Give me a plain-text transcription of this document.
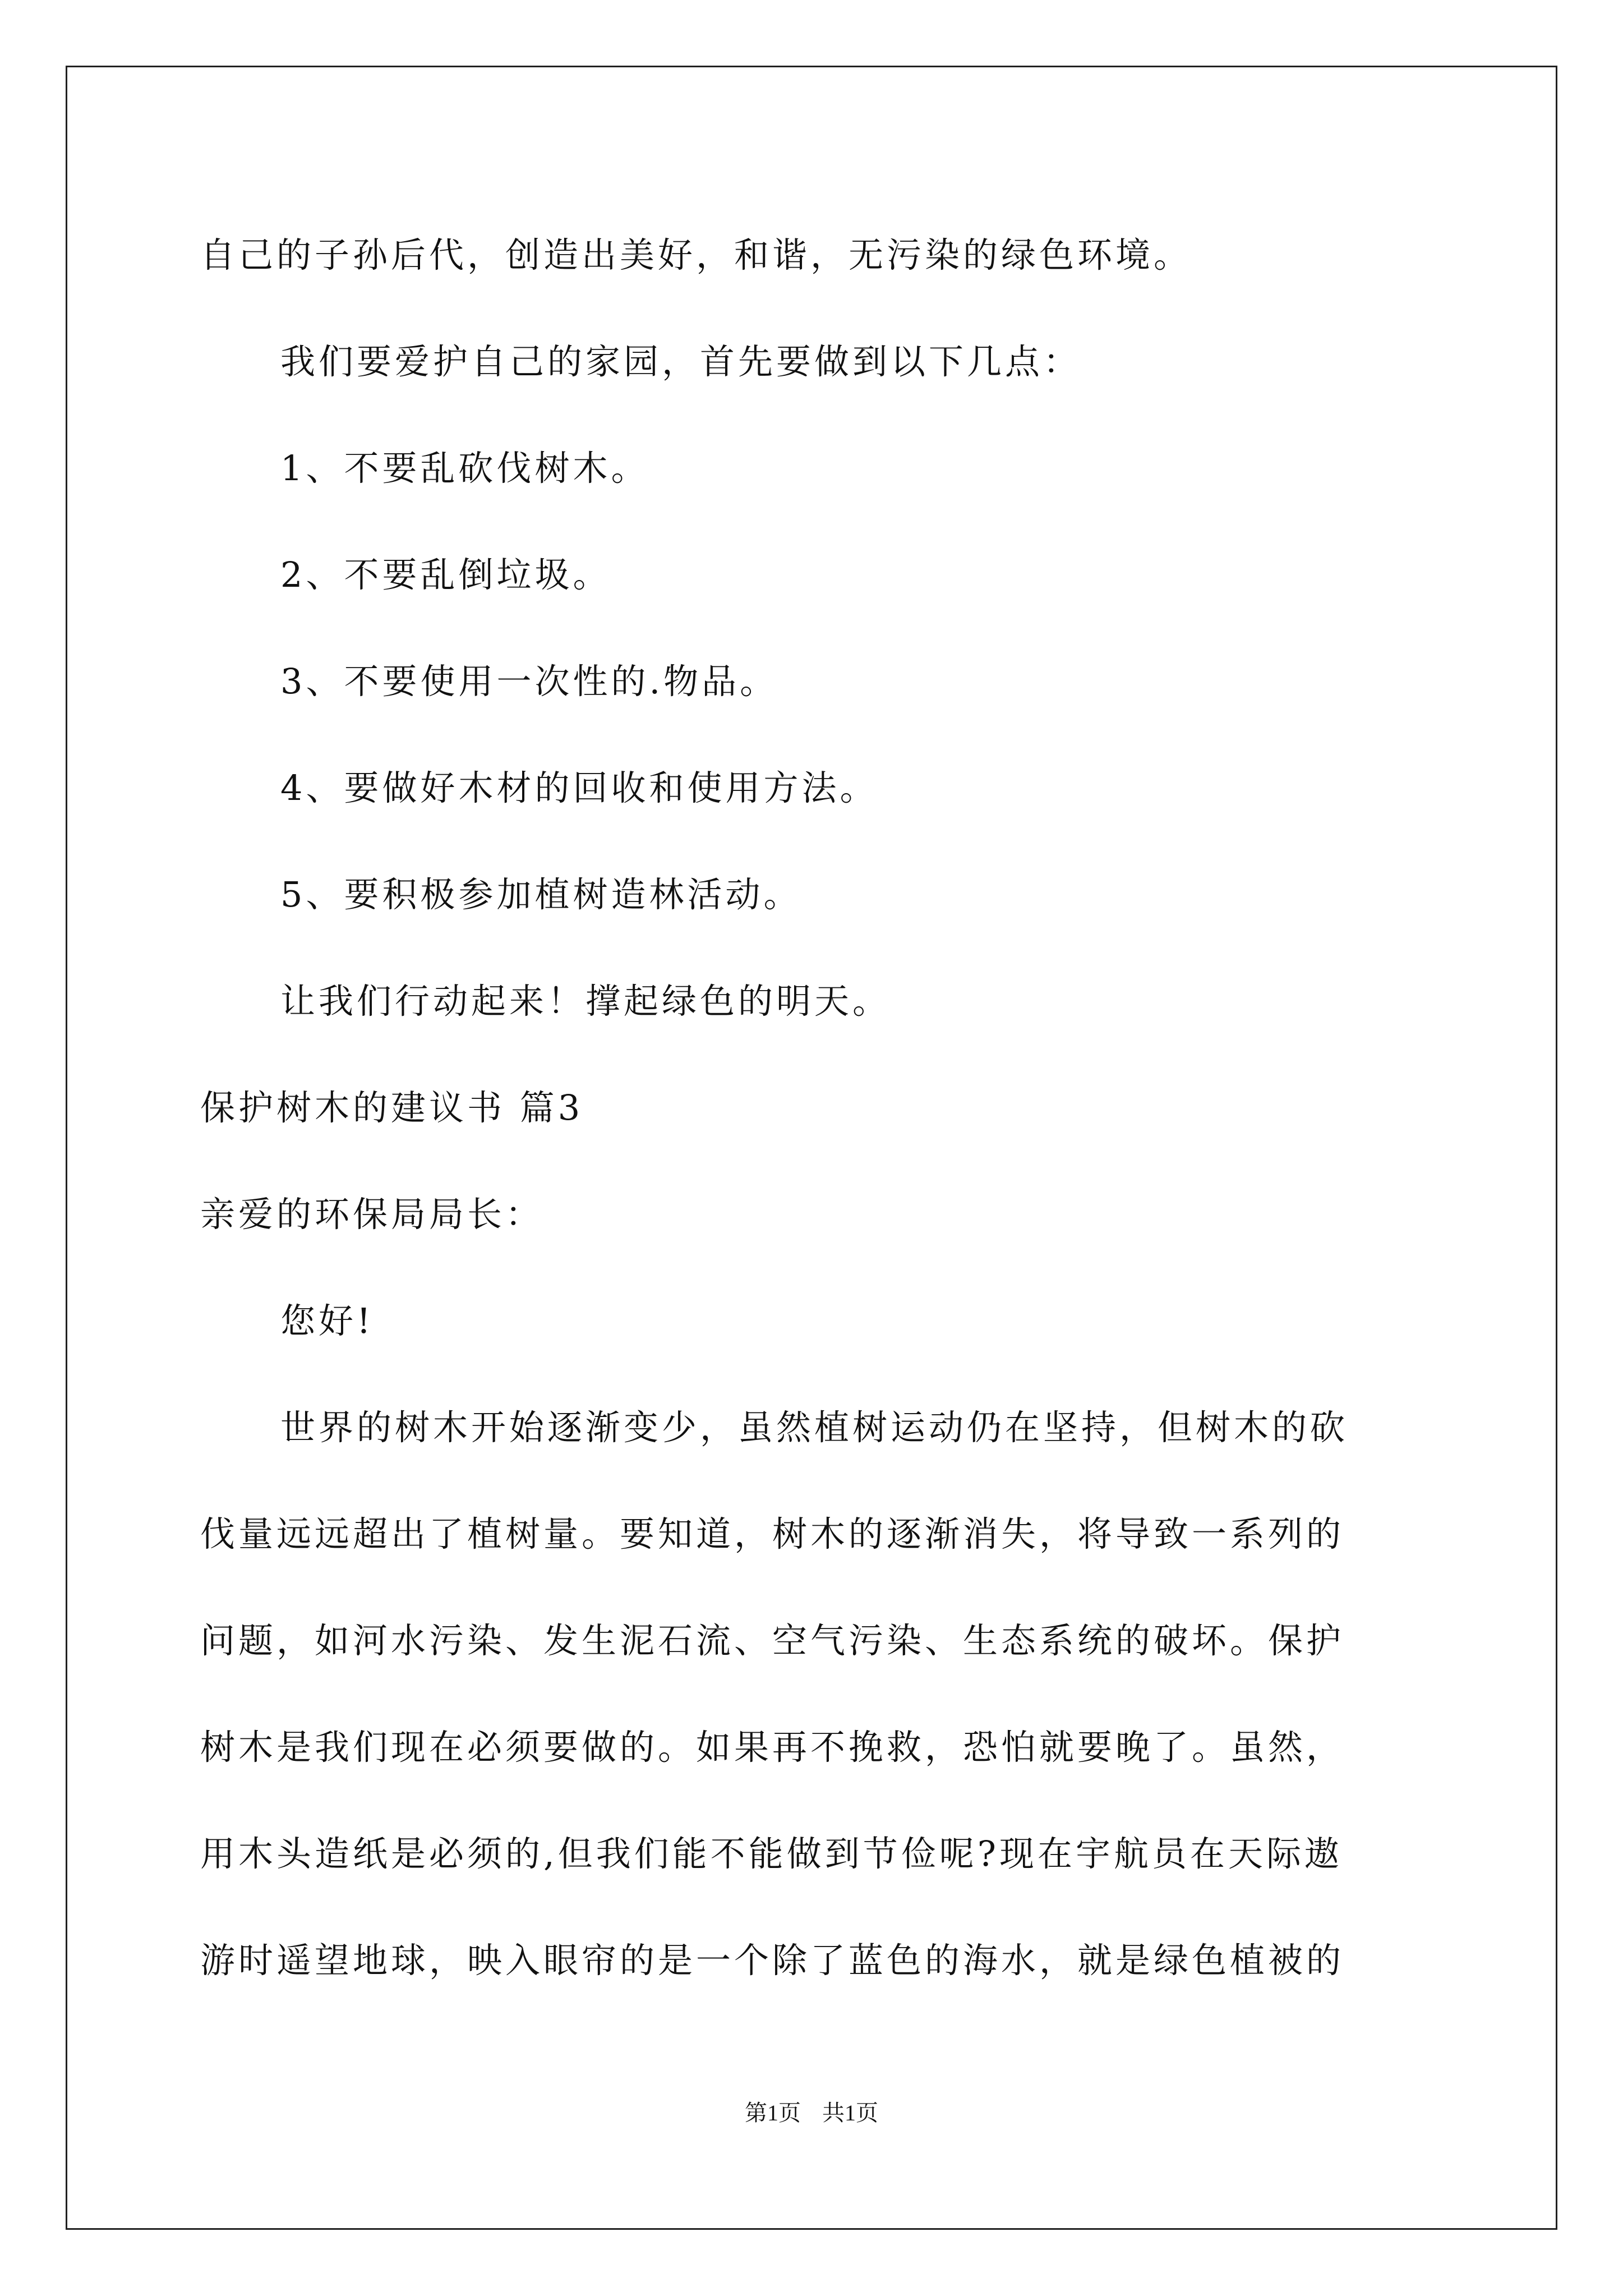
自己的子孙后代，创造出美好，和谐，无污染的绿色环境。
我们要爱护自己的家园，首先要做到以下几点：
1、不要乱砍伐树木。
2、不要乱倒垃圾。
3、不要使用一次性的.物品。
4、要做好木材的回收和使用方法。
5、要积极参加植树造林活动。
让我们行动起来！撑起绿色的明天。
保护树木的建议书 篇3
亲爱的环保局局长：
您好!
世界的树木开始逐渐变少，虽然植树运动仍在坚持，但树木的砍
伐量远远超出了植树量。要知道，树木的逐渐消失，将导致一系列的
问题，如河水污染、发生泥石流、空气污染、生态系统的破坏。保护
树木是我们现在必须要做的。如果再不挽救，恐怕就要晚了。虽然，
用木头造纸是必须的,但我们能不能做到节俭呢?现在宇航员在天际遨
游时遥望地球，映入眼帘的是一个除了蓝色的海水，就是绿色植被的
第1页 共1页
